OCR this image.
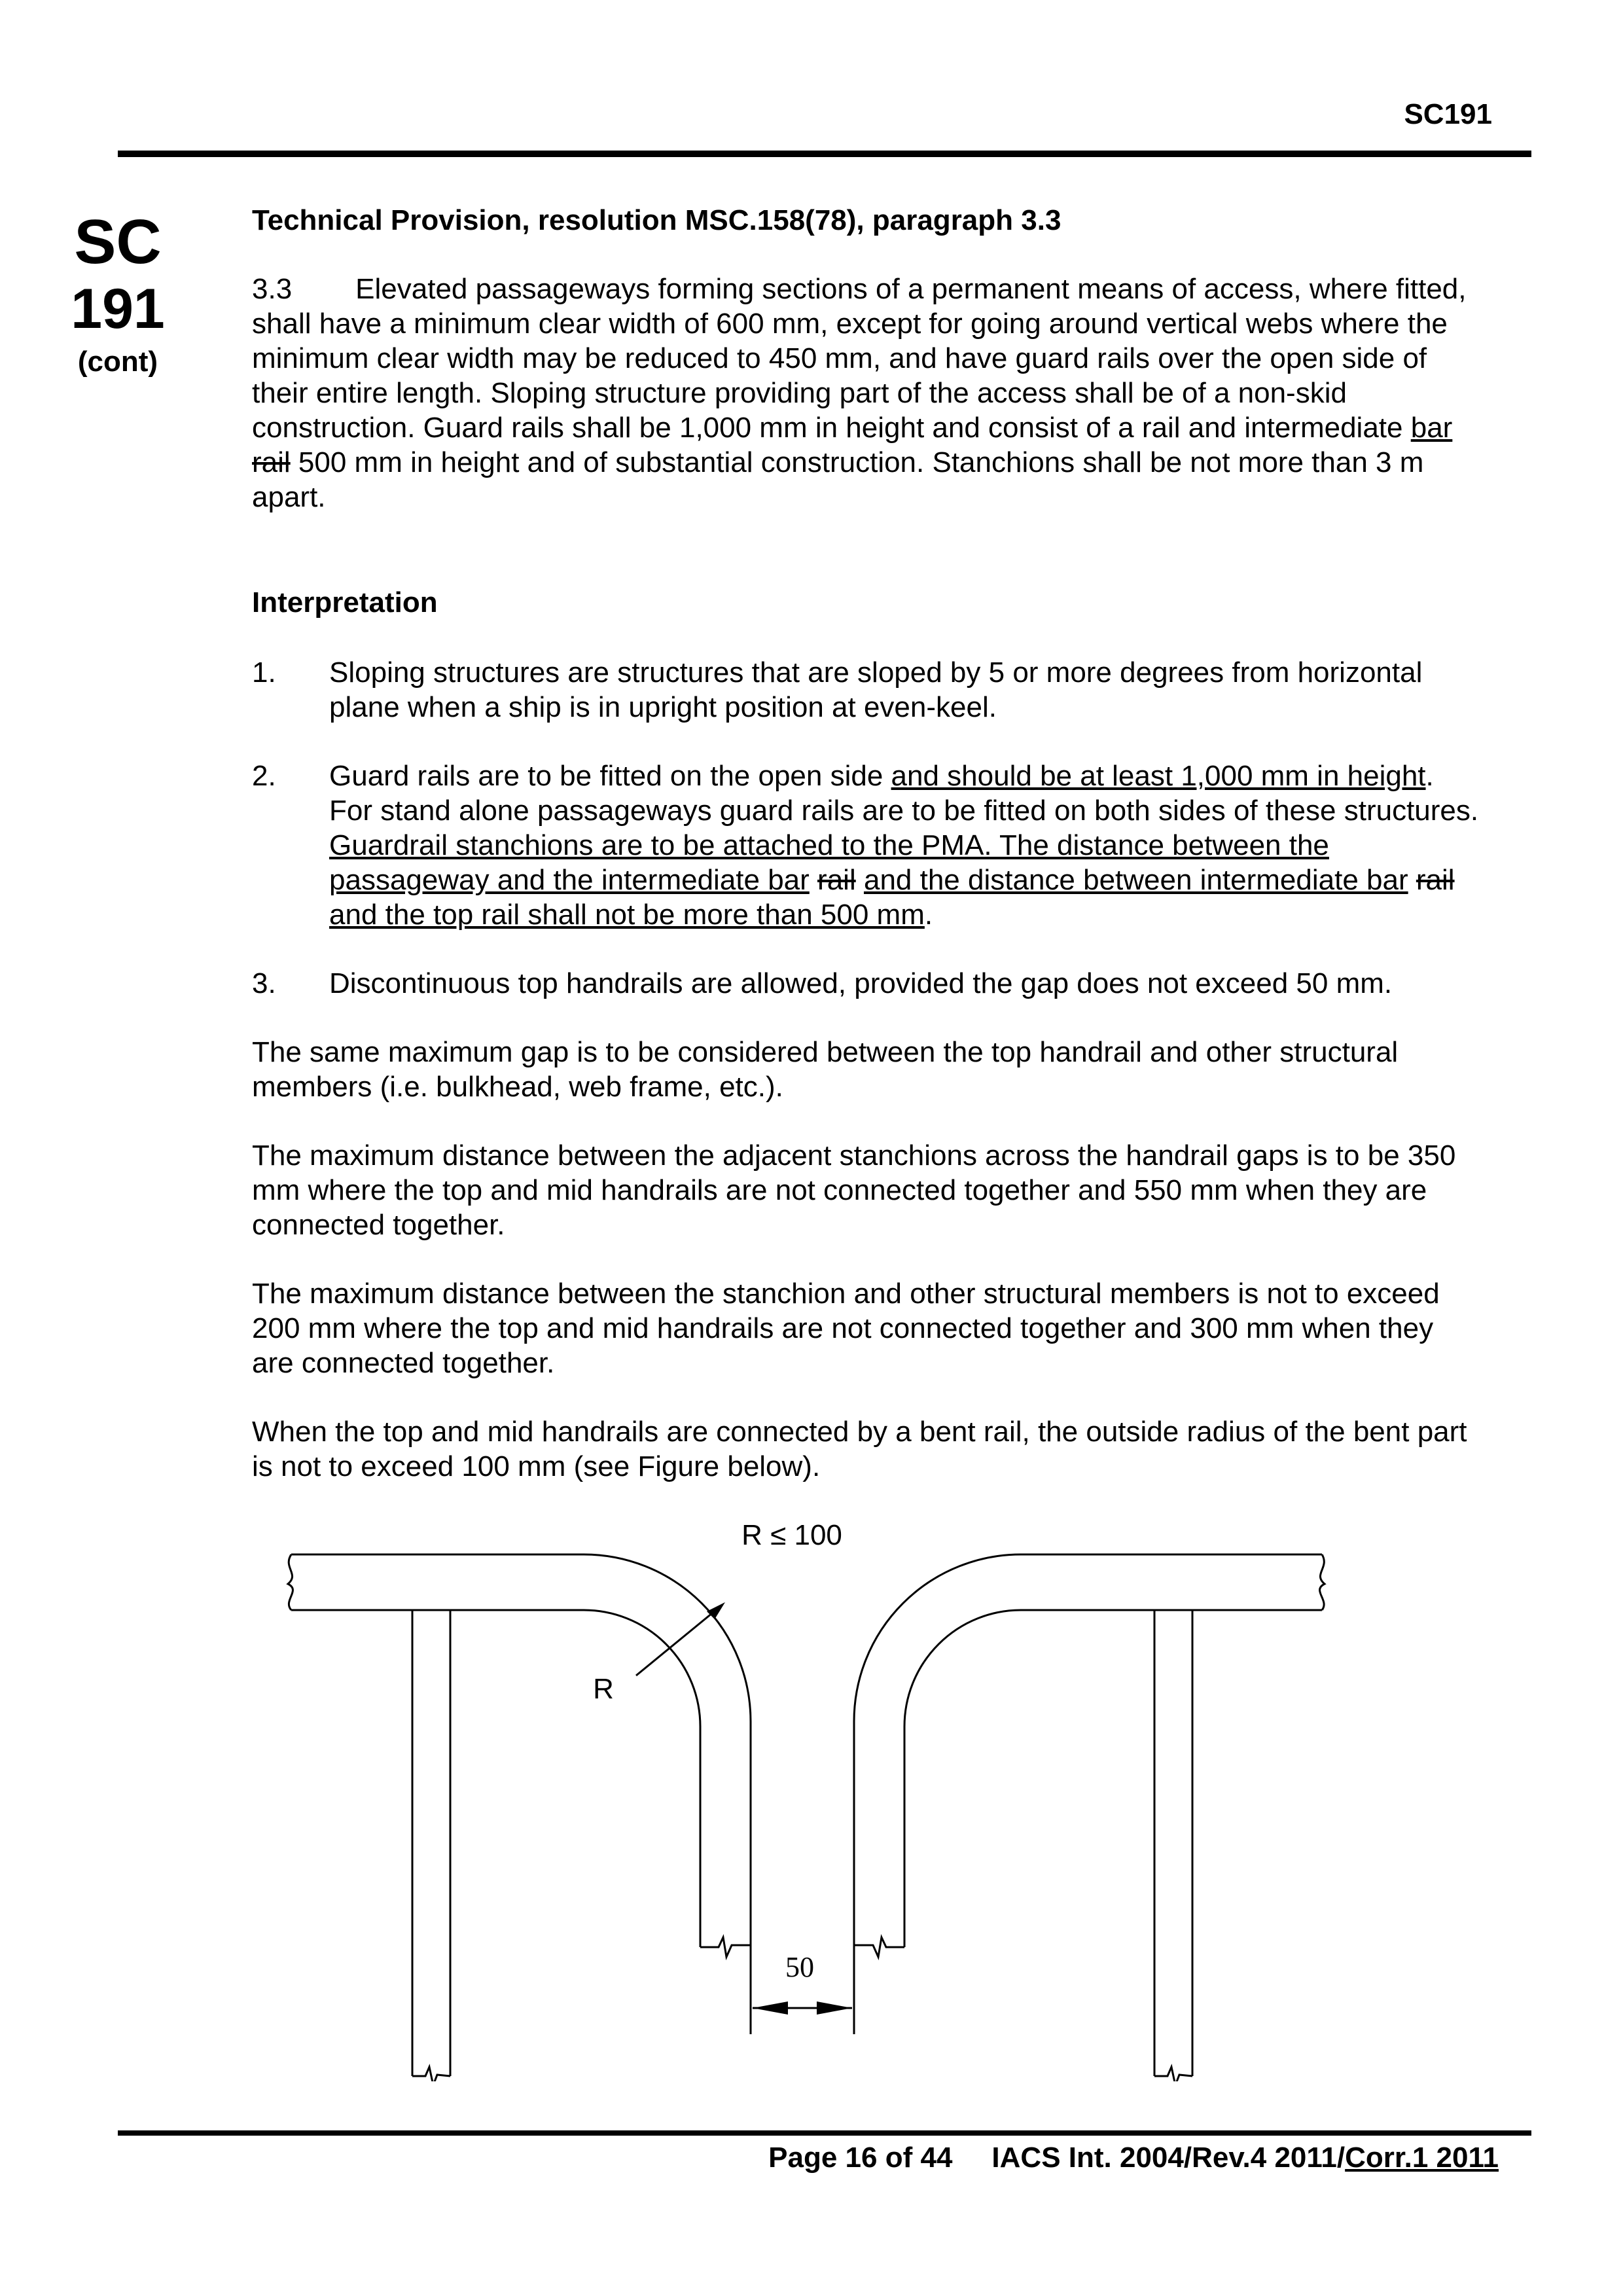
SC191
SC
191
(cont)

Technical Provision, resolution MSC.158(78), paragraph 3.3

3.3 Elevated passageways forming sections of a permanent means of access, where fitted, shall have a minimum clear width of 600 mm, except for going around vertical webs where the minimum clear width may be reduced to 450 mm, and have guard rails over the open side of their entire length. Sloping structure providing part of the access shall be of a non-skid construction. Guard rails shall be 1,000 mm in height and consist of a rail and intermediate bar rail 500 mm in height and of substantial construction. Stanchions shall be not more than 3 m apart.

Interpretation

1. Sloping structures are structures that are sloped by 5 or more degrees from horizontal plane when a ship is in upright position at even-keel.
2. Guard rails are to be fitted on the open side and should be at least 1,000 mm in height. For stand alone passageways guard rails are to be fitted on both sides of these structures. Guardrail stanchions are to be attached to the PMA. The distance between the passageway and the intermediate bar rail and the distance between intermediate bar rail and the top rail shall not be more than 500 mm.
3. Discontinuous top handrails are allowed, provided the gap does not exceed 50 mm.

The same maximum gap is to be considered between the top handrail and other structural members (i.e. bulkhead, web frame, etc.).

The maximum distance between the adjacent stanchions across the handrail gaps is to be 350 mm where the top and mid handrails are not connected together and 550 mm when they are connected together.

The maximum distance between the stanchion and other structural members is not to exceed 200 mm where the top and mid handrails are not connected together and 300 mm when they are connected together.

When the top and mid handrails are connected by a bent rail, the outside radius of the bent part is not to exceed 100 mm (see Figure below).

R ≤ 100
R
50
Page 16 of 44 IACS Int. 2004/Rev.4 2011/Corr.1 2011
